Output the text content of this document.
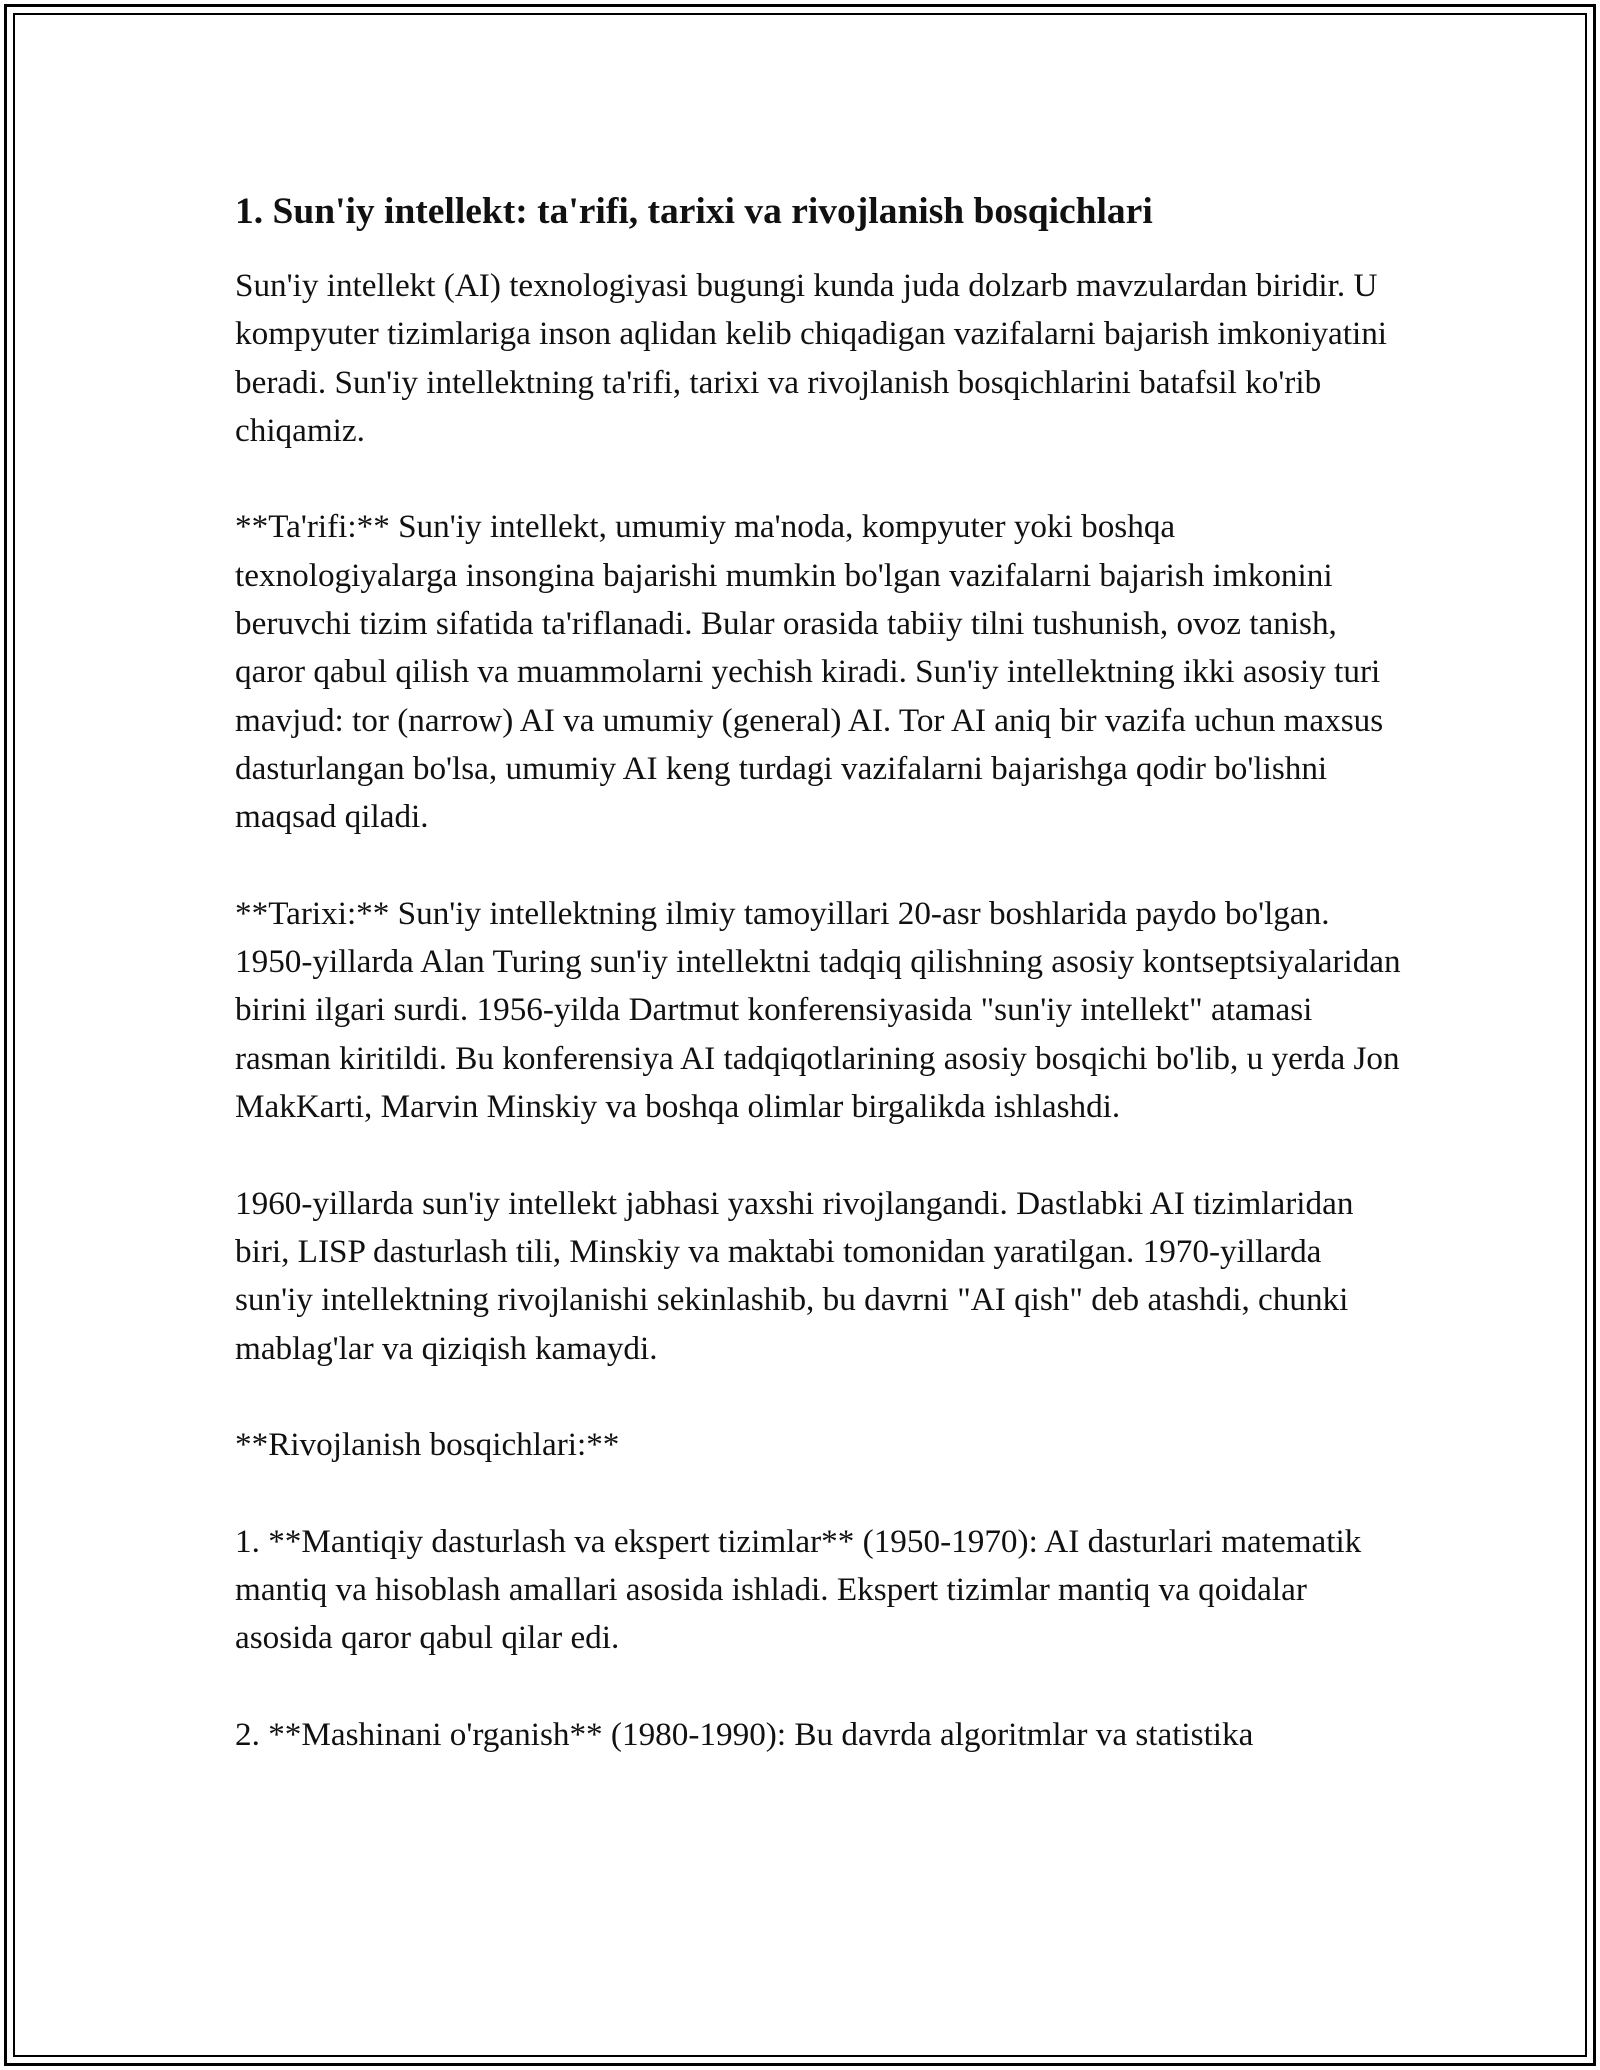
1. Sun'iy intellekt: ta'rifi, tarixi va rivojlanish bosqichlari

Sun'iy intellekt (AI) texnologiyasi bugungi kunda juda dolzarb mavzulardan biridir. U kompyuter tizimlariga inson aqlidan kelib chiqadigan vazifalarni bajarish imkoniyatini beradi. Sun'iy intellektning ta'rifi, tarixi va rivojlanish bosqichlarini batafsil ko'rib chiqamiz.

**Ta'rifi:** Sun'iy intellekt, umumiy ma'noda, kompyuter yoki boshqa texnologiyalarga insongina bajarishi mumkin bo'lgan vazifalarni bajarish imkonini beruvchi tizim sifatida ta'riflanadi. Bular orasida tabiiy tilni tushunish, ovoz tanish, qaror qabul qilish va muammolarni yechish kiradi. Sun'iy intellektning ikki asosiy turi mavjud: tor (narrow) AI va umumiy (general) AI. Tor AI aniq bir vazifa uchun maxsus dasturlangan bo'lsa, umumiy AI keng turdagi vazifalarni bajarishga qodir bo'lishni maqsad qiladi.

**Tarixi:** Sun'iy intellektning ilmiy tamoyillari 20-asr boshlarida paydo bo'lgan. 1950-yillarda Alan Turing sun'iy intellektni tadqiq qilishning asosiy kontseptsiyalaridan birini ilgari surdi. 1956-yilda Dartmut konferensiyasida "sun'iy intellekt" atamasi rasman kiritildi. Bu konferensiya AI tadqiqotlarining asosiy bosqichi bo'lib, u yerda Jon MakKarti, Marvin Minskiy va boshqa olimlar birgalikda ishlashdi.

1960-yillarda sun'iy intellekt jabhasi yaxshi rivojlangandi. Dastlabki AI tizimlaridan biri, LISP dasturlash tili, Minskiy va maktabi tomonidan yaratilgan. 1970-yillarda sun'iy intellektning rivojlanishi sekinlashib, bu davrni "AI qish" deb atashdi, chunki mablag'lar va qiziqish kamaydi.

**Rivojlanish bosqichlari:**

1. **Mantiqiy dasturlash va ekspert tizimlar** (1950-1970): AI dasturlari matematik mantiq va hisoblash amallari asosida ishladi. Ekspert tizimlar mantiq va qoidalar asosida qaror qabul qilar edi.

2. **Mashinani o'rganish** (1980-1990): Bu davrda algoritmlar va statistika
